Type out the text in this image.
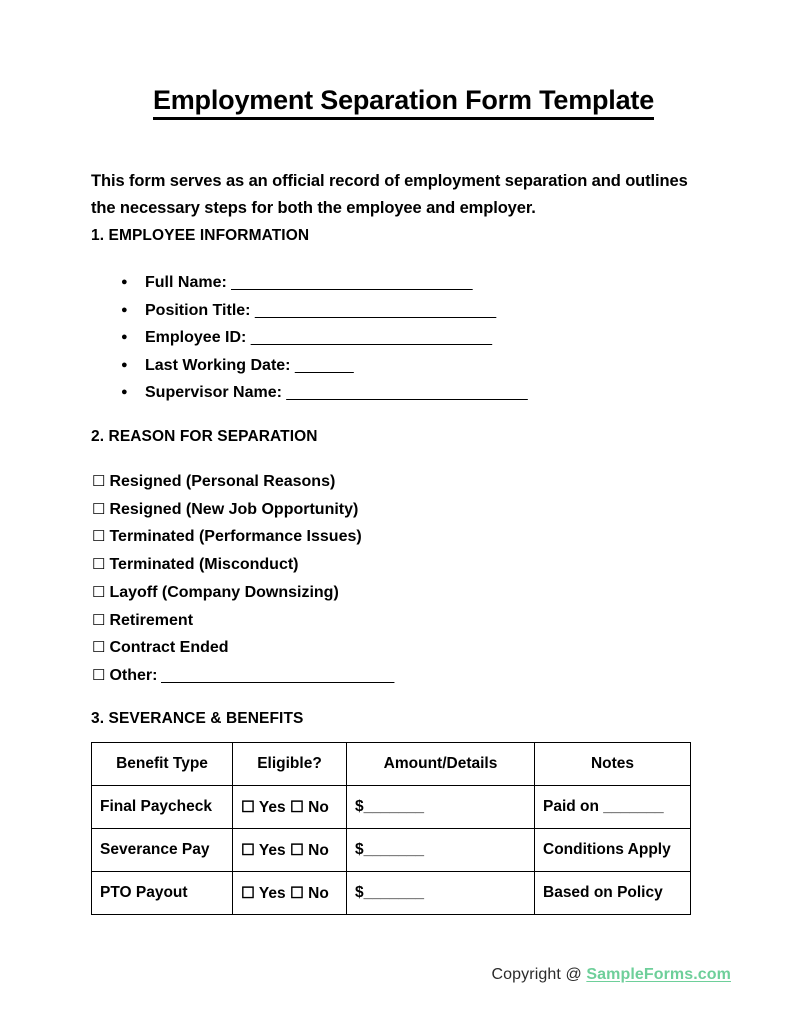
Employment Separation Form Template

This form serves as an official record of employment separation and outlines the necessary steps for both the employee and employer.

1. EMPLOYEE INFORMATION
● Full Name: _____________________________
● Position Title: _____________________________
● Employee ID: _____________________________
● Last Working Date: _______
● Supervisor Name: _____________________________
2. REASON FOR SEPARATION
☐ Resigned (Personal Reasons)
☐ Resigned (New Job Opportunity)
☐ Terminated (Performance Issues)
☐ Terminated (Misconduct)
☐ Layoff (Company Downsizing)
☐ Retirement
☐ Contract Ended
☐ Other: ____________________________
3. SEVERANCE & BENEFITS
Benefit Type	Eligible?	Amount/Details	Notes
Final Paycheck	☐ Yes ☐ No	$_______	Paid on _______
Severance Pay	☐ Yes ☐ No	$_______	Conditions Apply
PTO Payout	☐ Yes ☐ No	$_______	Based on Policy
Copyright @ SampleForms.com
